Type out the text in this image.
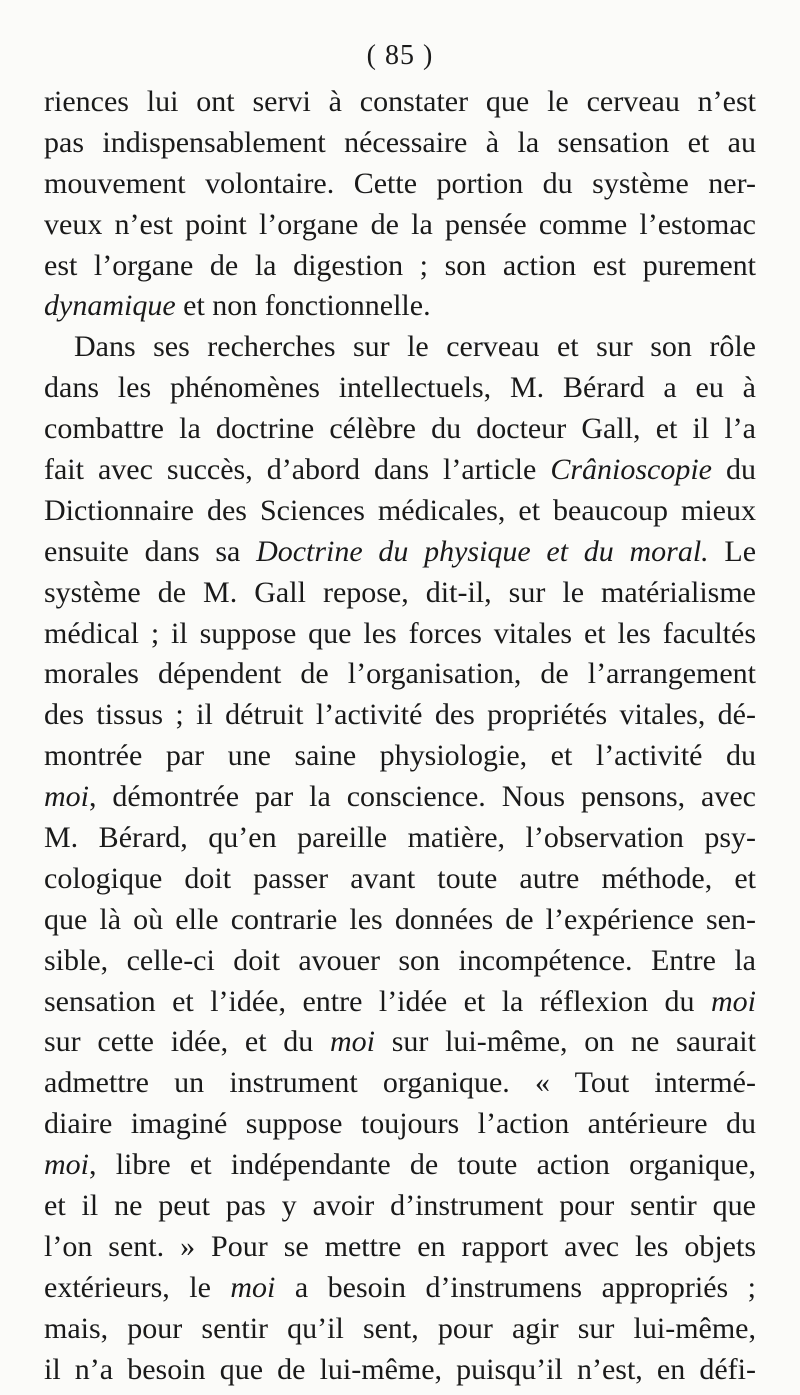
( 85 )
riences lui ont servi à constater que le cerveau n’est
pas indispensablement nécessaire à la sensation et au
mouvement volontaire. Cette portion du système ner-
veux n’est point l’organe de la pensée comme l’estomac
est l’organe de la digestion ; son action est purement
dynamique et non fonctionnelle.
Dans ses recherches sur le cerveau et sur son rôle
dans les phénomènes intellectuels, M. Bérard a eu à
combattre la doctrine célèbre du docteur Gall, et il l’a
fait avec succès, d’abord dans l’article Crânioscopie du
Dictionnaire des Sciences médicales, et beaucoup mieux
ensuite dans sa Doctrine du physique et du moral. Le
système de M. Gall repose, dit-il, sur le matérialisme
médical ; il suppose que les forces vitales et les facultés
morales dépendent de l’organisation, de l’arrangement
des tissus ; il détruit l’activité des propriétés vitales, dé-
montrée par une saine physiologie, et l’activité du
moi, démontrée par la conscience. Nous pensons, avec
M. Bérard, qu’en pareille matière, l’observation psy-
cologique doit passer avant toute autre méthode, et
que là où elle contrarie les données de l’expérience sen-
sible, celle-ci doit avouer son incompétence. Entre la
sensation et l’idée, entre l’idée et la réflexion du moi
sur cette idée, et du moi sur lui-même, on ne saurait
admettre un instrument organique. « Tout intermé-
diaire imaginé suppose toujours l’action antérieure du
moi, libre et indépendante de toute action organique,
et il ne peut pas y avoir d’instrument pour sentir que
l’on sent. » Pour se mettre en rapport avec les objets
extérieurs, le moi a besoin d’instrumens appropriés ;
mais, pour sentir qu’il sent, pour agir sur lui-même,
il n’a besoin que de lui-même, puisqu’il n’est, en défi-
